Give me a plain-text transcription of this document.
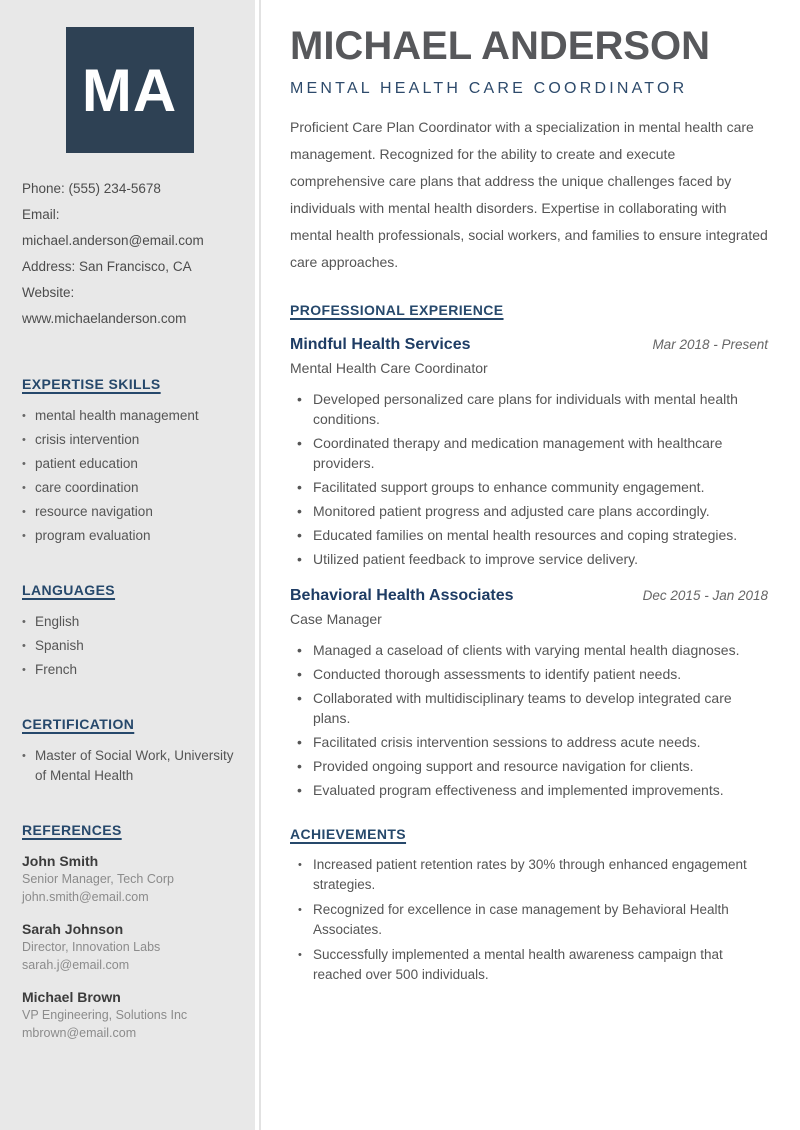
MA
Phone: (555) 234-5678
Email: michael.anderson@email.com
Address: San Francisco, CA
Website: www.michaelanderson.com
EXPERTISE SKILLS
• mental health management
• crisis intervention
• patient education
• care coordination
• resource navigation
• program evaluation
LANGUAGES
• English
• Spanish
• French
CERTIFICATION
• Master of Social Work, University of Mental Health
REFERENCES
John Smith
Senior Manager, Tech Corp
john.smith@email.com
Sarah Johnson
Director, Innovation Labs
sarah.j@email.com
Michael Brown
VP Engineering, Solutions Inc
mbrown@email.com
MICHAEL ANDERSON
MENTAL HEALTH CARE COORDINATOR

Proficient Care Plan Coordinator with a specialization in mental health care management. Recognized for the ability to create and execute comprehensive care plans that address the unique challenges faced by individuals with mental health disorders. Expertise in collaborating with mental health professionals, social workers, and families to ensure integrated care approaches.

PROFESSIONAL EXPERIENCE
Mindful Health Services	Mar 2018 - Present
Mental Health Care Coordinator
• Developed personalized care plans for individuals with mental health conditions.
• Coordinated therapy and medication management with healthcare providers.
• Facilitated support groups to enhance community engagement.
• Monitored patient progress and adjusted care plans accordingly.
• Educated families on mental health resources and coping strategies.
• Utilized patient feedback to improve service delivery.
Behavioral Health Associates	Dec 2015 - Jan 2018
Case Manager
• Managed a caseload of clients with varying mental health diagnoses.
• Conducted thorough assessments to identify patient needs.
• Collaborated with multidisciplinary teams to develop integrated care plans.
• Facilitated crisis intervention sessions to address acute needs.
• Provided ongoing support and resource navigation for clients.
• Evaluated program effectiveness and implemented improvements.
ACHIEVEMENTS
• Increased patient retention rates by 30% through enhanced engagement strategies.
• Recognized for excellence in case management by Behavioral Health Associates.
• Successfully implemented a mental health awareness campaign that reached over 500 individuals.
